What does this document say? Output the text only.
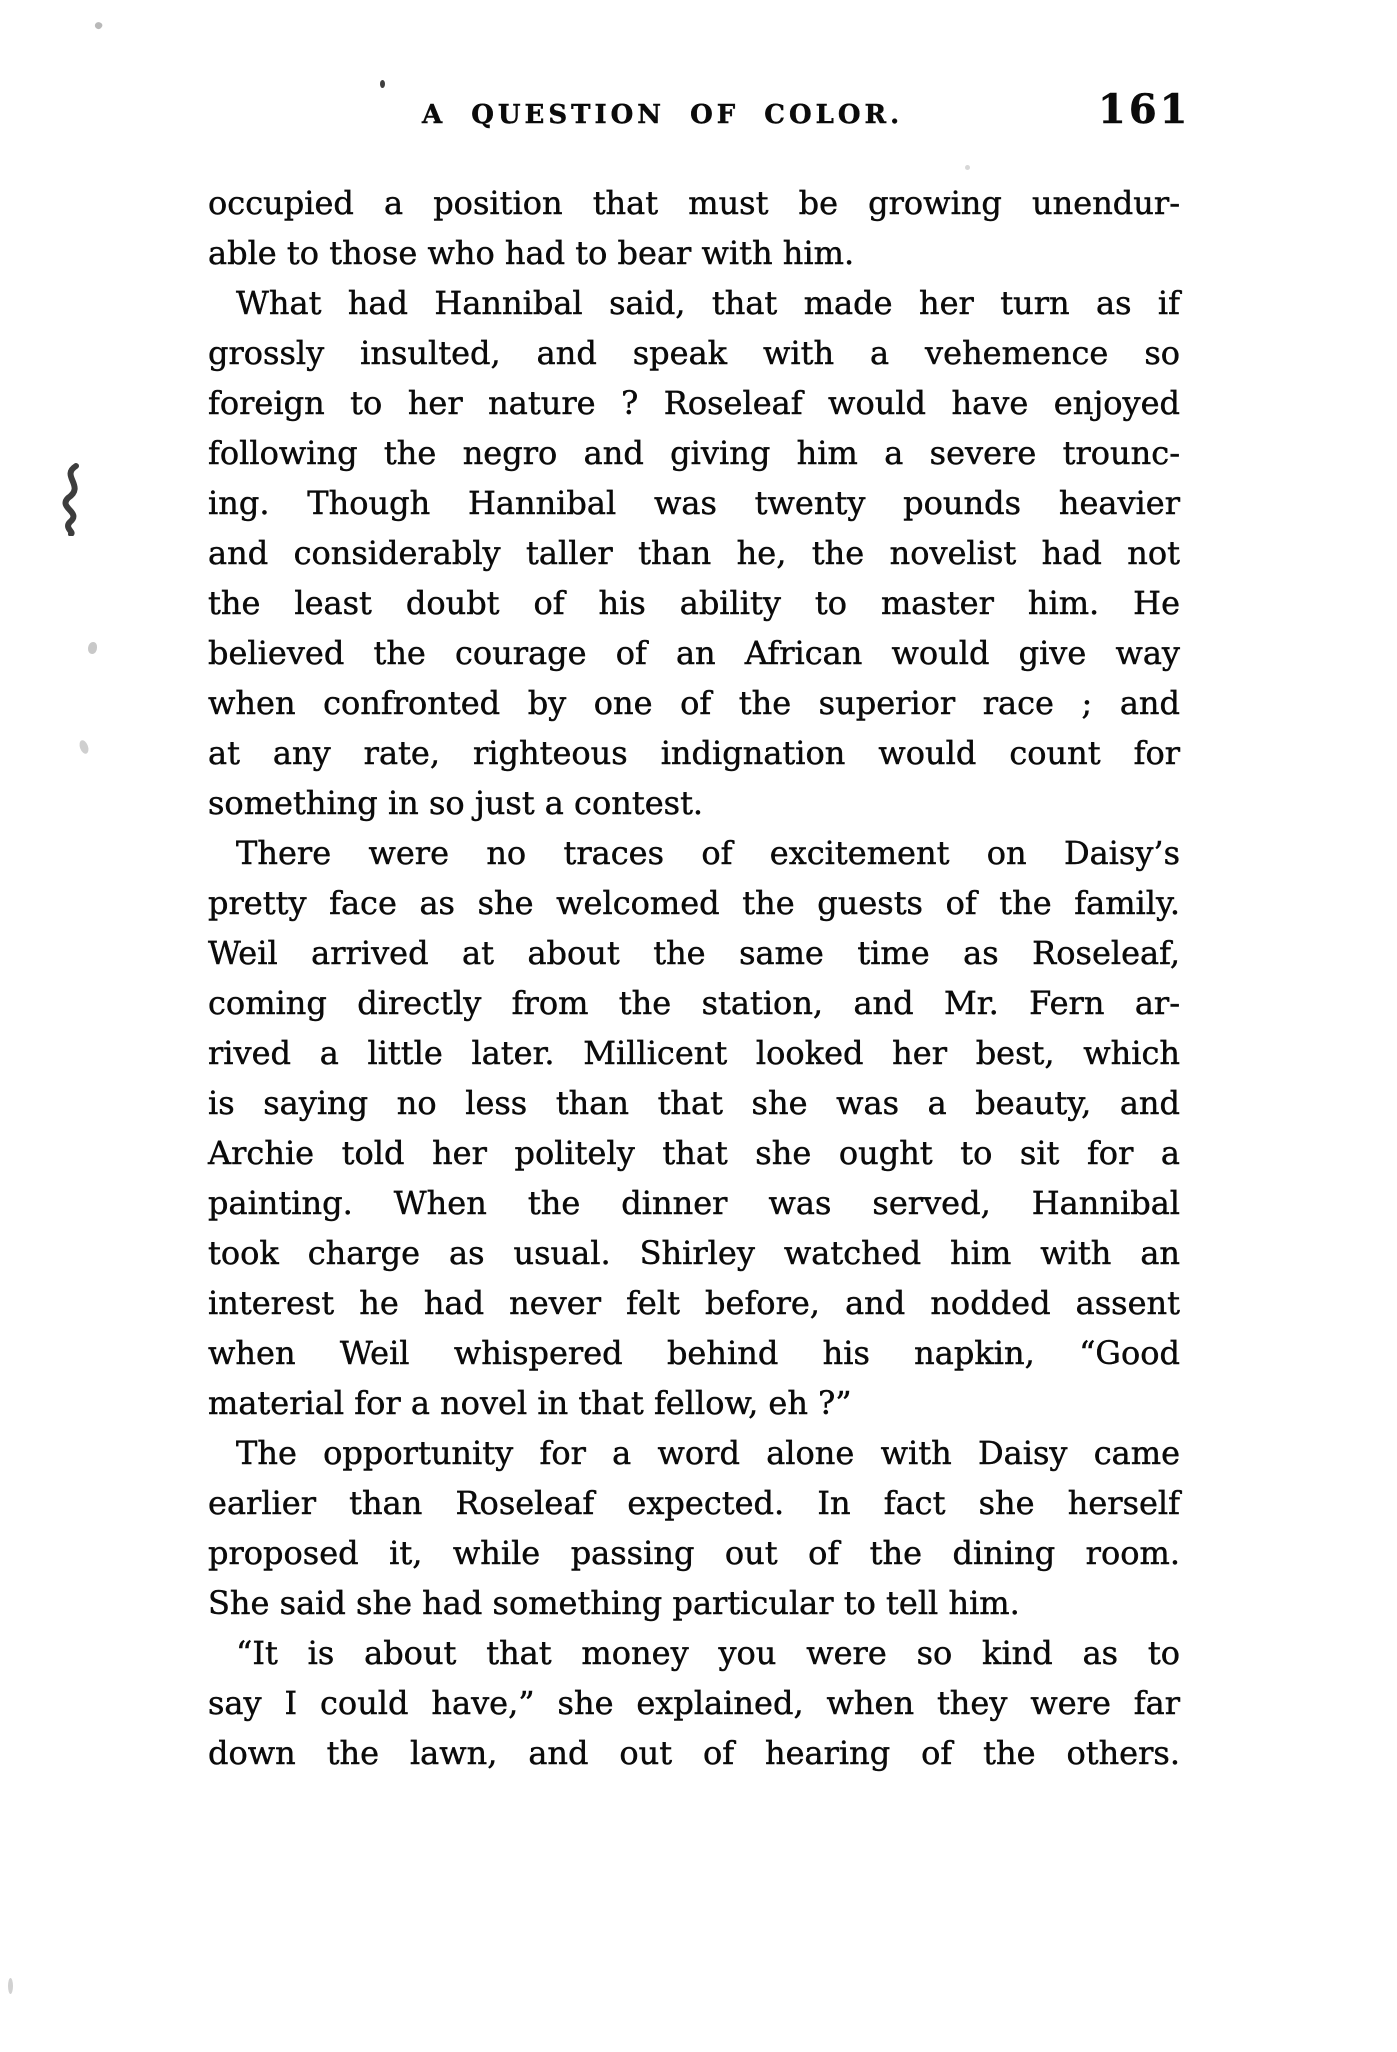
A QUESTION OF COLOR.	161
occupied a position that must be growing unendur-
able to those who had to bear with him.
What had Hannibal said, that made her turn as if
grossly insulted, and speak with a vehemence so
foreign to her nature ? Roseleaf would have enjoyed
following the negro and giving him a severe trounc-
ing. Though Hannibal was twenty pounds heavier
and considerably taller than he, the novelist had not
the least doubt of his ability to master him. He
believed the courage of an African would give way
when confronted by one of the superior race ; and
at any rate, righteous indignation would count for
something in so just a contest.
There were no traces of excitement on Daisy’s
pretty face as she welcomed the guests of the family.
Weil arrived at about the same time as Roseleaf,
coming directly from the station, and Mr. Fern ar-
rived a little later. Millicent looked her best, which
is saying no less than that she was a beauty, and
Archie told her politely that she ought to sit for a
painting. When the dinner was served, Hannibal
took charge as usual. Shirley watched him with an
interest he had never felt before, and nodded assent
when Weil whispered behind his napkin, “Good
material for a novel in that fellow, eh ?”
The opportunity for a word alone with Daisy came
earlier than Roseleaf expected. In fact she herself
proposed it, while passing out of the dining room.
She said she had something particular to tell him.
“It is about that money you were so kind as to
say I could have,” she explained, when they were far
down the lawn, and out of hearing of the others.
